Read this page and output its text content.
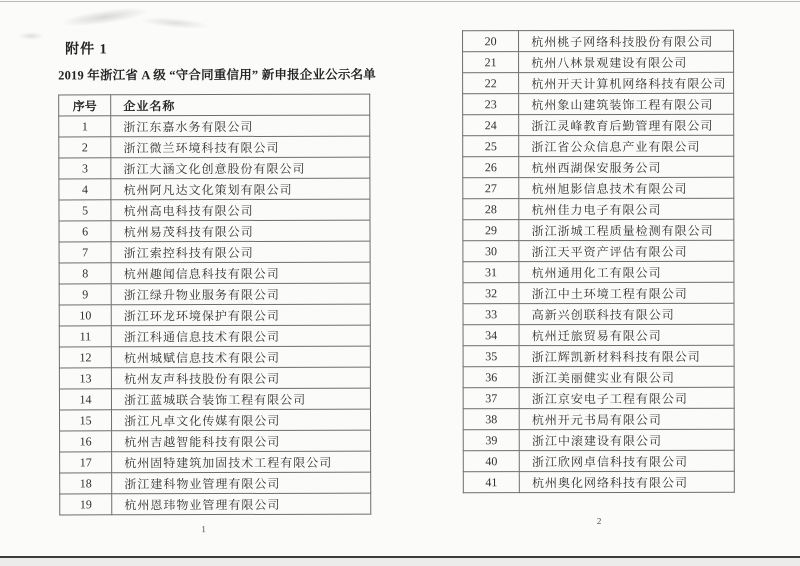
附件 1
2019 年浙江省 A 级 “守合同重信用” 新申报企业公示名单
序号	企业名称
1	浙江东嘉水务有限公司
2	浙江微兰环境科技有限公司
3	浙江大涵文化创意股份有限公司
4	杭州阿凡达文化策划有限公司
5	杭州高电科技有限公司
6	杭州易茂科技有限公司
7	浙江索控科技有限公司
8	杭州趣闻信息科技有限公司
9	浙江绿升物业服务有限公司
10	浙江环龙环境保护有限公司
11	浙江科通信息技术有限公司
12	杭州城赋信息技术有限公司
13	杭州友声科技股份有限公司
14	浙江蓝城联合装饰工程有限公司
15	浙江凡卓文化传媒有限公司
16	杭州吉越智能科技有限公司
17	杭州固特建筑加固技术工程有限公司
18	浙江建科物业管理有限公司
19	杭州恩玮物业管理有限公司
1
20	杭州桃子网络科技股份有限公司
21	杭州八林景观建设有限公司
22	杭州开天计算机网络科技有限公司
23	杭州象山建筑装饰工程有限公司
24	浙江灵峰教育后勤管理有限公司
25	浙江省公众信息产业有限公司
26	杭州西湖保安服务公司
27	杭州旭影信息技术有限公司
28	杭州佳力电子有限公司
29	浙江浙城工程质量检测有限公司
30	浙江天平资产评估有限公司
31	杭州通用化工有限公司
32	浙江中土环境工程有限公司
33	高新兴创联科技有限公司
34	杭州迁旅贸易有限公司
35	浙江辉凯新材料科技有限公司
36	浙江美丽健实业有限公司
37	浙江京安电子工程有限公司
38	杭州开元书局有限公司
39	浙江中滚建设有限公司
40	浙江欣网卓信科技有限公司
41	杭州奥化网络科技有限公司
2
